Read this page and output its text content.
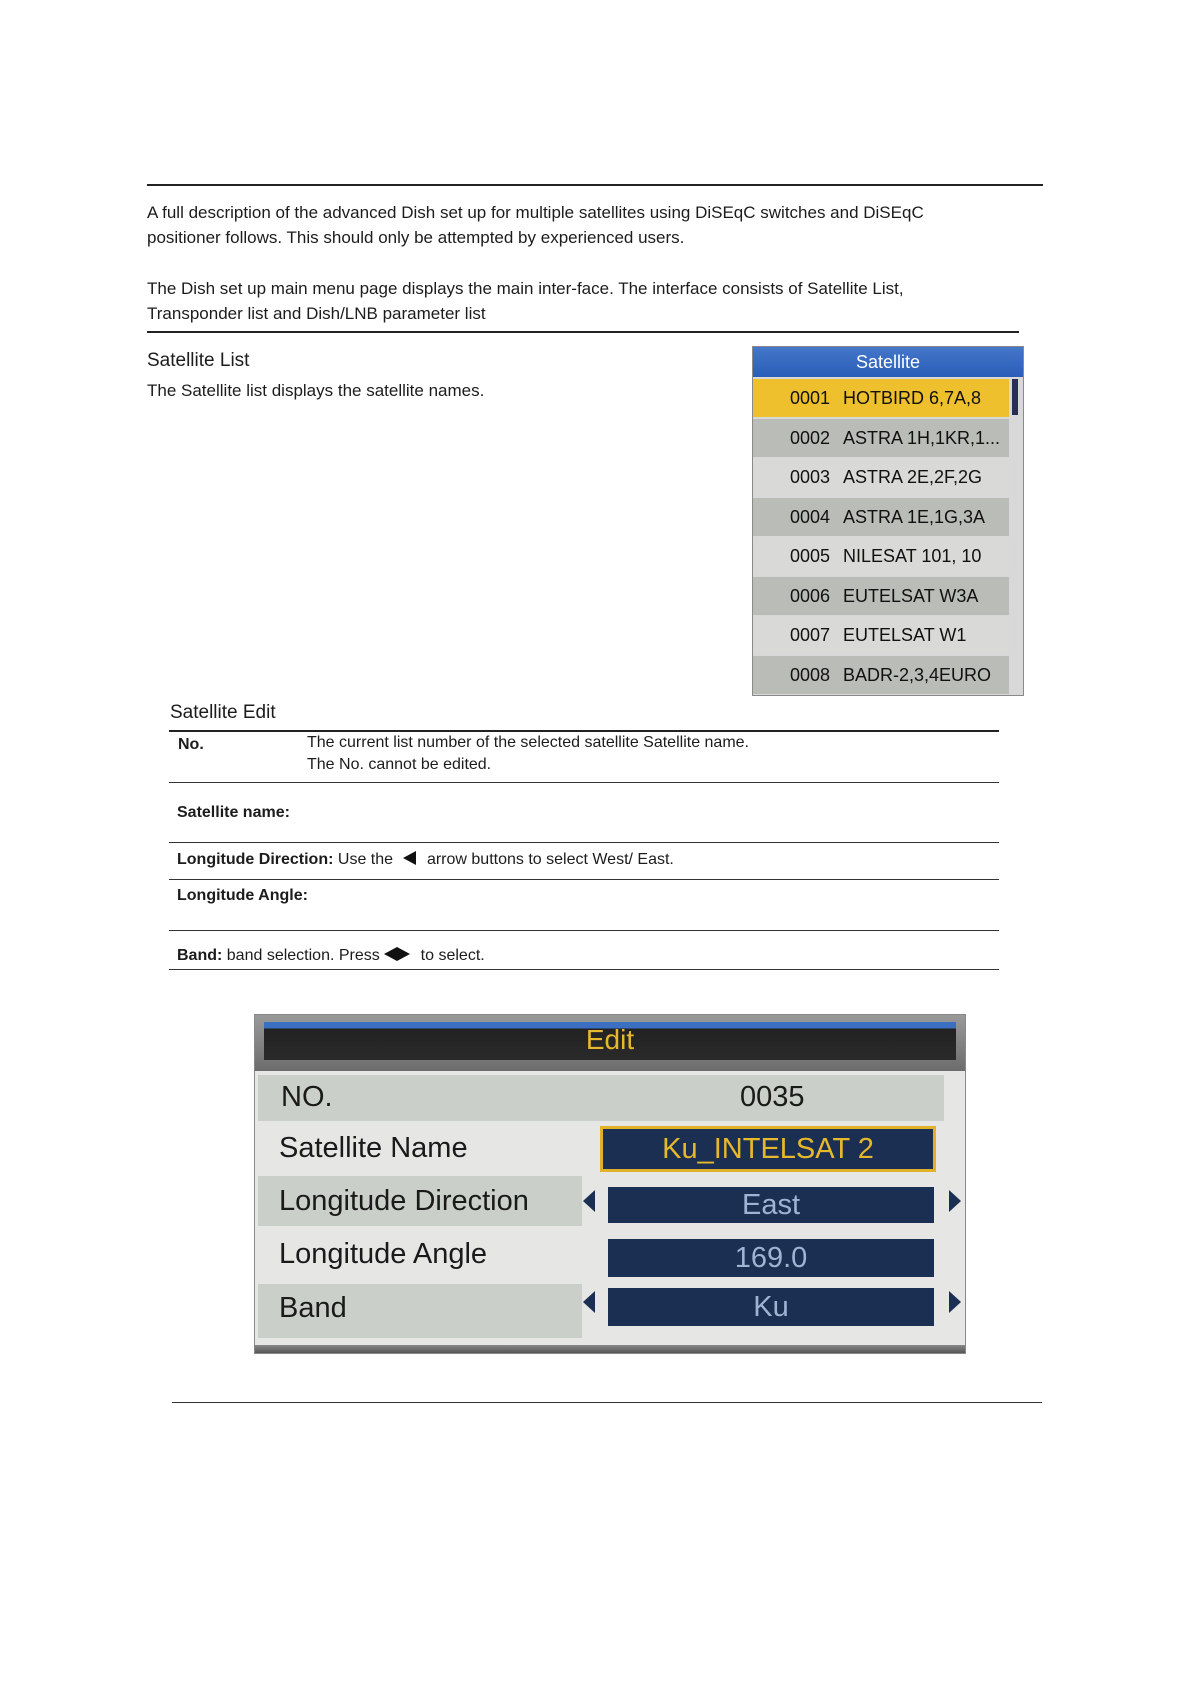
A full description of the advanced Dish set up for multiple satellites using DiSEqC switches and DiSEqC
positioner follows. This should only be attempted by experienced users.
The Dish set up main menu page displays the main inter-face. The interface consists of Satellite List,
Transponder list and Dish/LNB parameter list
Satellite List
The Satellite list displays the satellite names.
Satellite
0001 HOTBIRD 6,7A,8
0002 ASTRA 1H,1KR,1...
0003 ASTRA 2E,2F,2G
0004 ASTRA 1E,1G,3A
0005 NILESAT 101, 10
0006 EUTELSAT W3A
0007 EUTELSAT W1
0008 BADR-2,3,4EURO
Satellite Edit
No.	The current list number of the selected satellite Satellite name.
The No. cannot be edited.
Satellite name:
Longitude Direction: Use the arrow buttons to select West/ East.
Longitude Angle:
Band: band selection. Press	to select.
Edit
NO.	0035
Satellite Name	Ku_INTELSAT 2
Longitude Direction	East
Longitude Angle	169.0
Band	Ku
